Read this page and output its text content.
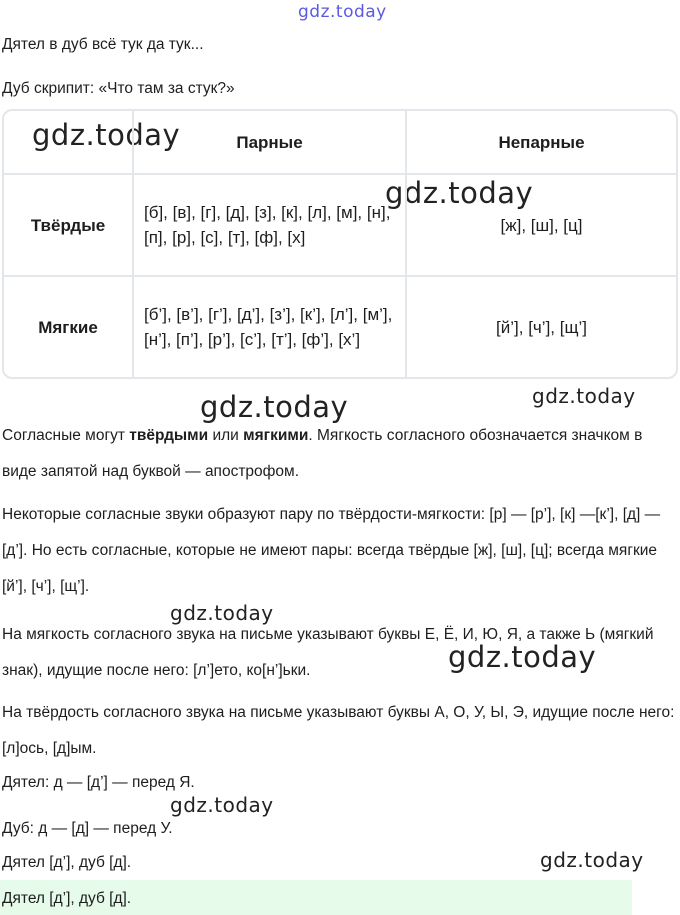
gdz.today
gdz.today
gdz.today
Дятел в дуб всё тук да тук...
Дуб скрипит: «Что там за стук?»
	Парные	Непарные
Твёрдые	[б], [в], [г], [д], [з], [к], [л], [м], [н], [п], [р], [с], [т], [ф], [х]	[ж], [ш], [ц]
Мягкие	[б’], [в’], [г’], [д’], [з’], [к’], [л’], [м’], [н’], [п’], [р’], [с’], [т’], [ф’], [х’]	[й’], [ч’], [щ’]
gdz.today	gdz.today
Согласные могут твёрдыми или мягкими. Мягкость согласного обозначается значком в виде запятой над буквой — апострофом.
Некоторые согласные звуки образуют пару по твёрдости-мягкости: [р] — [р’], [к] —[к’], [д] — [д’]. Но есть согласные, которые не имеют пары: всегда твёрдые [ж], [ш], [ц]; всегда мягкие [й’], [ч’], [щ’].
gdz.today
На мягкость согласного звука на письме указывают буквы Е, Ё, И, Ю, Я, а также Ь (мягкий знак), идущие после него: [л’]ето, ко[н’]ьки.	gdz.today
На твёрдость согласного звука на письме указывают буквы А, О, У, Ы, Э, идущие после него: [л]ось, [д]ым.
Дятел: д — [д’] — перед Я.
gdz.today
Дуб: д — [д] — перед У.
Дятел [д’], дуб [д].	gdz.today
Дятел [д’], дуб [д].
